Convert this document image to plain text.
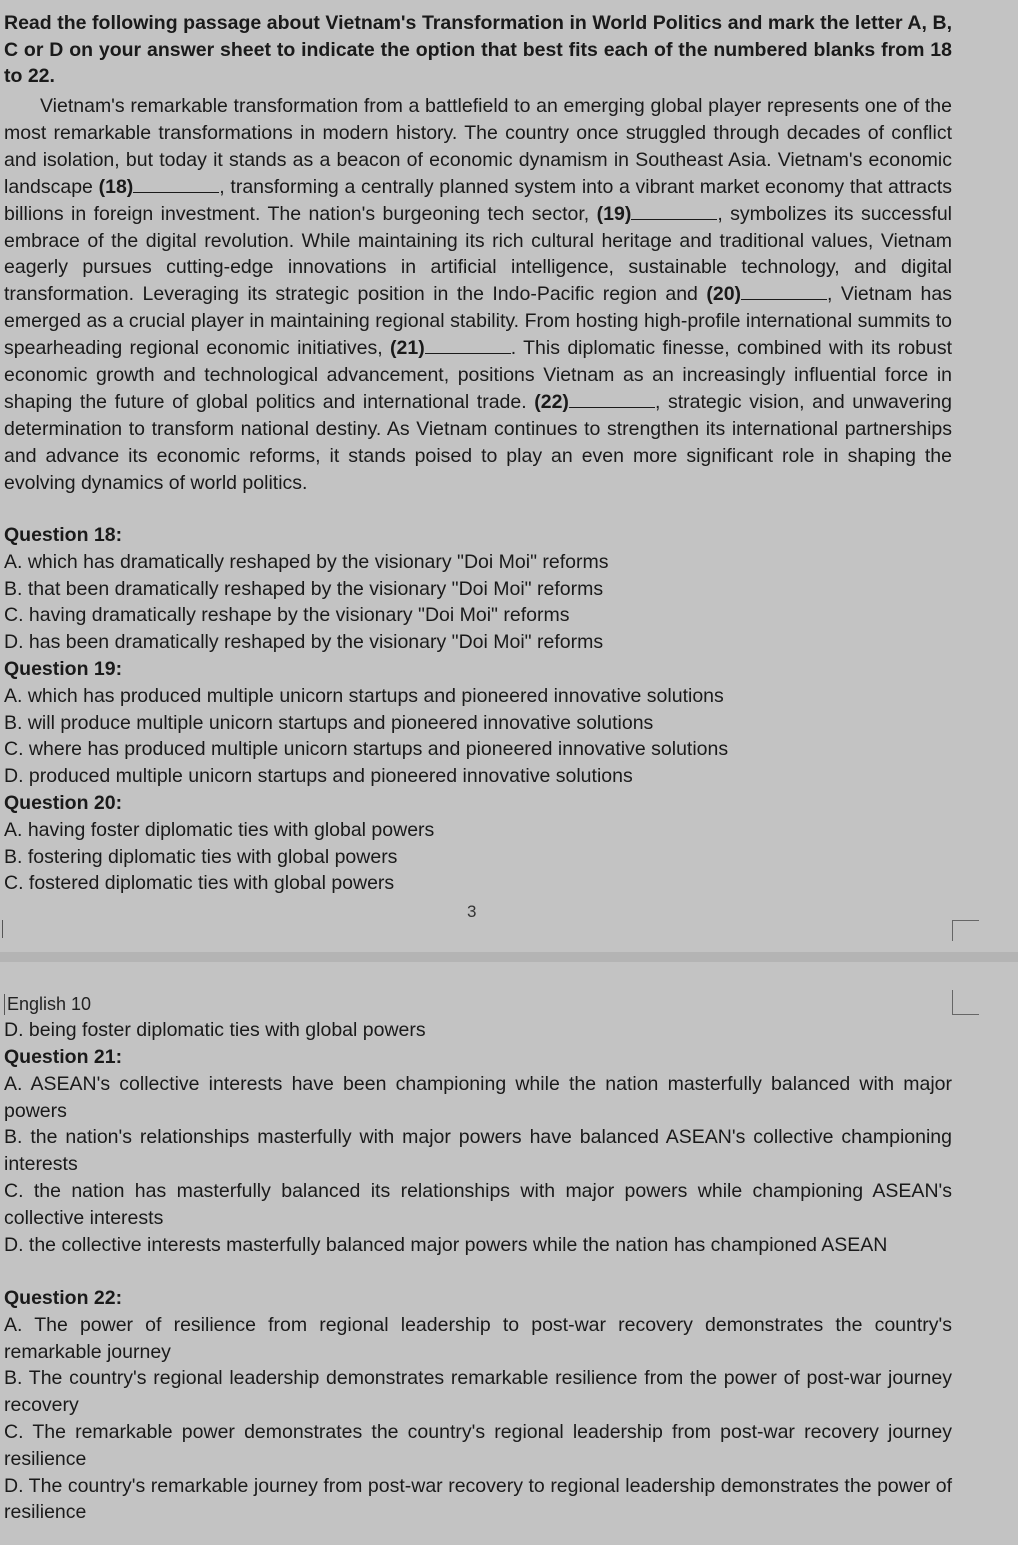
Read the following passage about Vietnam's Transformation in World Politics and mark the letter A, B, C or D on your answer sheet to indicate the option that best fits each of the numbered blanks from 18 to 22.
Vietnam's remarkable transformation from a battlefield to an emerging global player represents one of the most remarkable transformations in modern history. The country once struggled through decades of conflict and isolation, but today it stands as a beacon of economic dynamism in Southeast Asia. Vietnam's economic landscape (18)	, transforming a centrally planned system into a vibrant market economy that attracts billions in foreign investment. The nation's burgeoning tech sector, (19)	, symbolizes its successful embrace of the digital revolution. While maintaining its rich cultural heritage and traditional values, Vietnam eagerly pursues cutting-edge innovations in artificial intelligence, sustainable technology, and digital transformation. Leveraging its strategic position in the Indo-Pacific region and (20)	, Vietnam has emerged as a crucial player in maintaining regional stability. From hosting high-profile international summits to spearheading regional economic initiatives, (21)	. This diplomatic finesse, combined with its robust economic growth and technological advancement, positions Vietnam as an increasingly influential force in shaping the future of global politics and international trade. (22)	, strategic vision, and unwavering determination to transform national destiny. As Vietnam continues to strengthen its international partnerships and advance its economic reforms, it stands poised to play an even more significant role in shaping the evolving dynamics of world politics.
Question 18:
A. which has dramatically reshaped by the visionary "Doi Moi" reforms
B. that been dramatically reshaped by the visionary "Doi Moi" reforms
C. having dramatically reshape by the visionary "Doi Moi" reforms
D. has been dramatically reshaped by the visionary "Doi Moi" reforms
Question 19:
A. which has produced multiple unicorn startups and pioneered innovative solutions
B. will produce multiple unicorn startups and pioneered innovative solutions
C. where has produced multiple unicorn startups and pioneered innovative solutions
D. produced multiple unicorn startups and pioneered innovative solutions
Question 20:
A. having foster diplomatic ties with global powers
B. fostering diplomatic ties with global powers
C. fostered diplomatic ties with global powers
3
English 10
D. being foster diplomatic ties with global powers
Question 21:
A. ASEAN's collective interests have been championing while the nation masterfully balanced with major powers
B. the nation's relationships masterfully with major powers have balanced ASEAN's collective championing interests
C. the nation has masterfully balanced its relationships with major powers while championing ASEAN's collective interests
D. the collective interests masterfully balanced major powers while the nation has championed ASEAN
Question 22:
A. The power of resilience from regional leadership to post-war recovery demonstrates the country's remarkable journey
B. The country's regional leadership demonstrates remarkable resilience from the power of post-war journey recovery
C. The remarkable power demonstrates the country's regional leadership from post-war recovery journey resilience
D. The country's remarkable journey from post-war recovery to regional leadership demonstrates the power of resilience
